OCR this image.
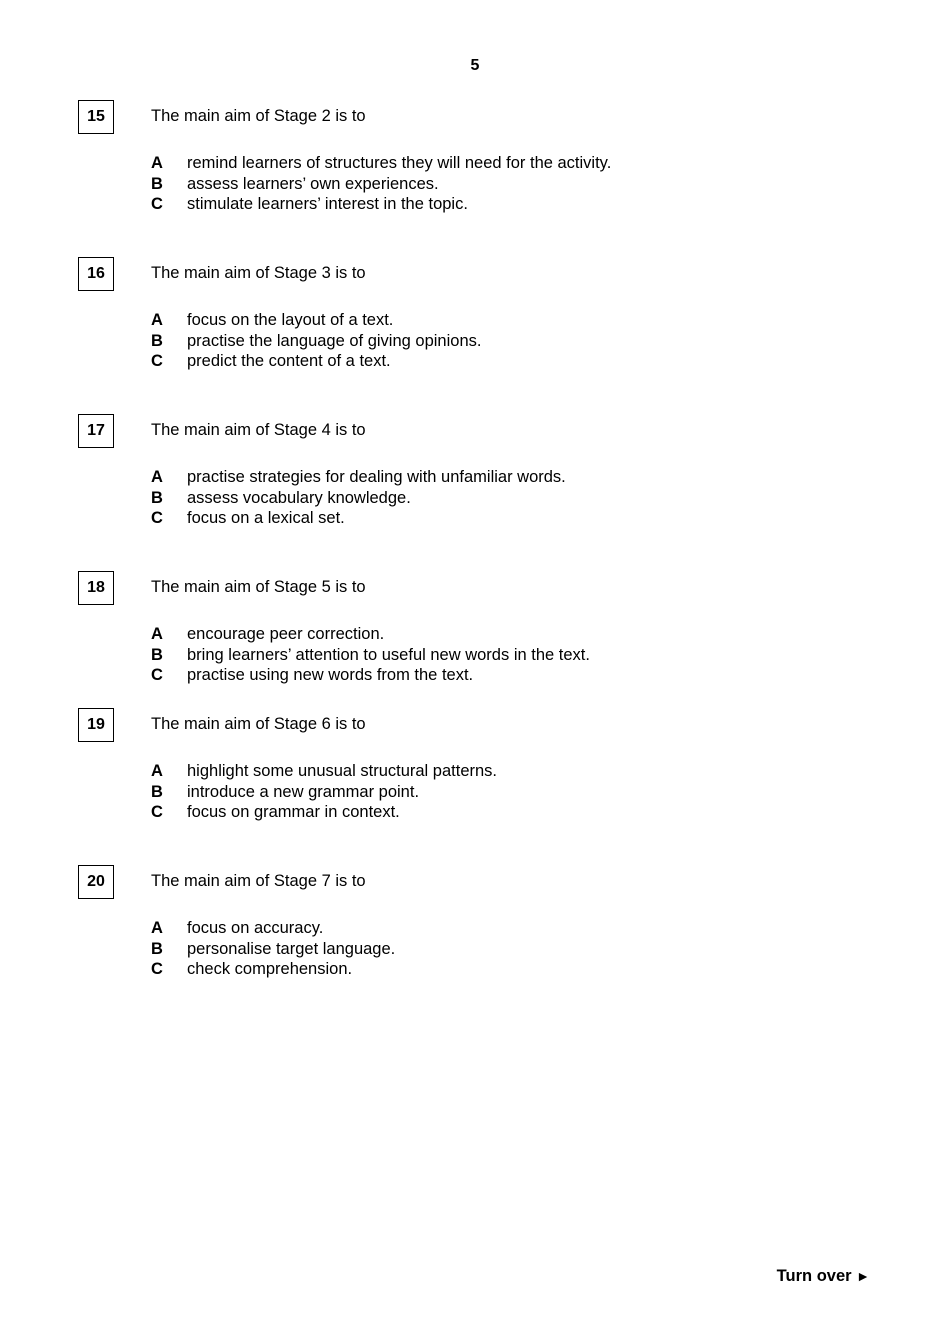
5
15	The main aim of Stage 2 is to
A	remind learners of structures they will need for the activity.
B	assess learners’ own experiences.
C	stimulate learners’ interest in the topic.
16	The main aim of Stage 3 is to
A	focus on the layout of a text.
B	practise the language of giving opinions.
C	predict the content of a text.
17	The main aim of Stage 4 is to
A	practise strategies for dealing with unfamiliar words.
B	assess vocabulary knowledge.
C	focus on a lexical set.
18	The main aim of Stage 5 is to
A	encourage peer correction.
B	bring learners’ attention to useful new words in the text.
C	practise using new words from the text.
19	The main aim of Stage 6 is to
A	highlight some unusual structural patterns.
B	introduce a new grammar point.
C	focus on grammar in context.
20	The main aim of Stage 7 is to
A	focus on accuracy.
B	personalise target language.
C	check comprehension.
Turn over ►
